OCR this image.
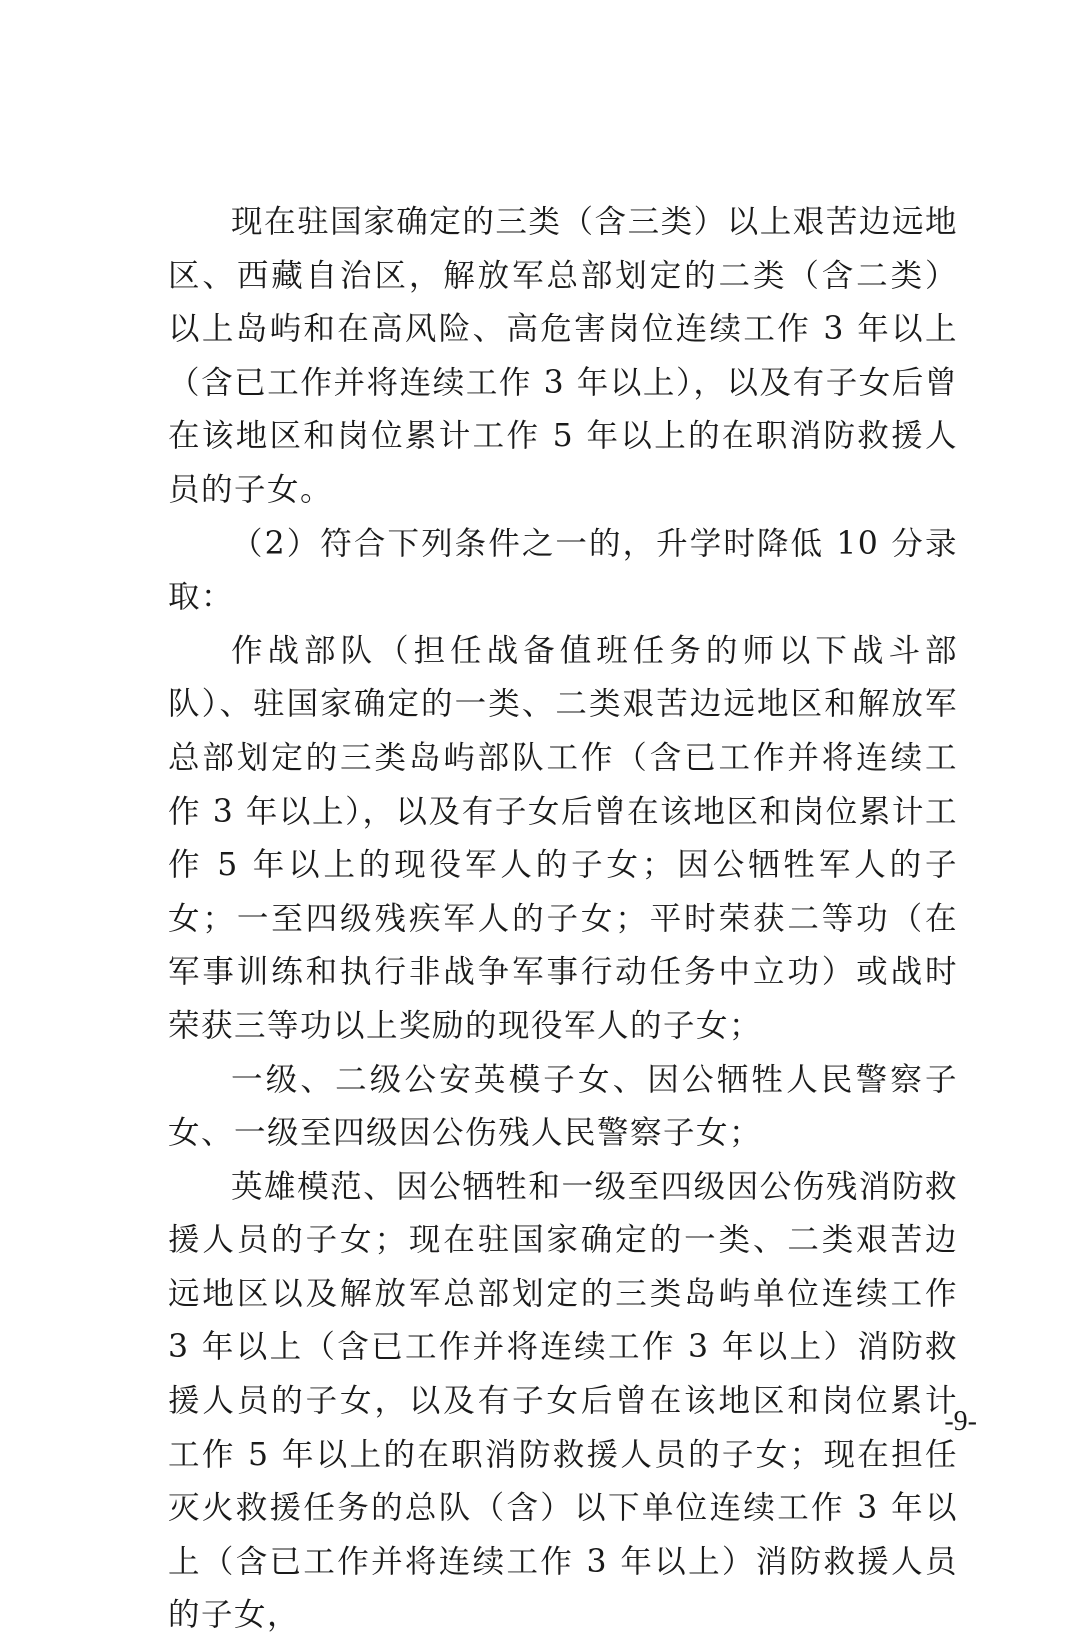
现在驻国家确定的三类（含三类）以上艰苦边远地区、西藏自治区，解放军总部划定的二类（含二类）以上岛屿和在高风险、高危害岗位连续工作 3 年以上（含已工作并将连续工作 3 年以上），以及有子女后曾在该地区和岗位累计工作 5 年以上的在职消防救援人员的子女。

（2）符合下列条件之一的，升学时降低 10 分录取：

作战部队（担任战备值班任务的师以下战斗部队）、驻国家确定的一类、二类艰苦边远地区和解放军总部划定的三类岛屿部队工作（含已工作并将连续工作 3 年以上），以及有子女后曾在该地区和岗位累计工作 5 年以上的现役军人的子女；因公牺牲军人的子女；一至四级残疾军人的子女；平时荣获二等功（在军事训练和执行非战争军事行动任务中立功）或战时荣获三等功以上奖励的现役军人的子女；

一级、二级公安英模子女、因公牺牲人民警察子女、一级至四级因公伤残人民警察子女；

英雄模范、因公牺牲和一级至四级因公伤残消防救援人员的子女；现在驻国家确定的一类、二类艰苦边远地区以及解放军总部划定的三类岛屿单位连续工作 3 年以上（含已工作并将连续工作 3 年以上）消防救援人员的子女，以及有子女后曾在该地区和岗位累计工作 5 年以上的在职消防救援人员的子女；现在担任灭火救援任务的总队（含）以下单位连续工作 3 年以上（含已工作并将连续工作 3 年以上）消防救援人员的子女，

-9-
